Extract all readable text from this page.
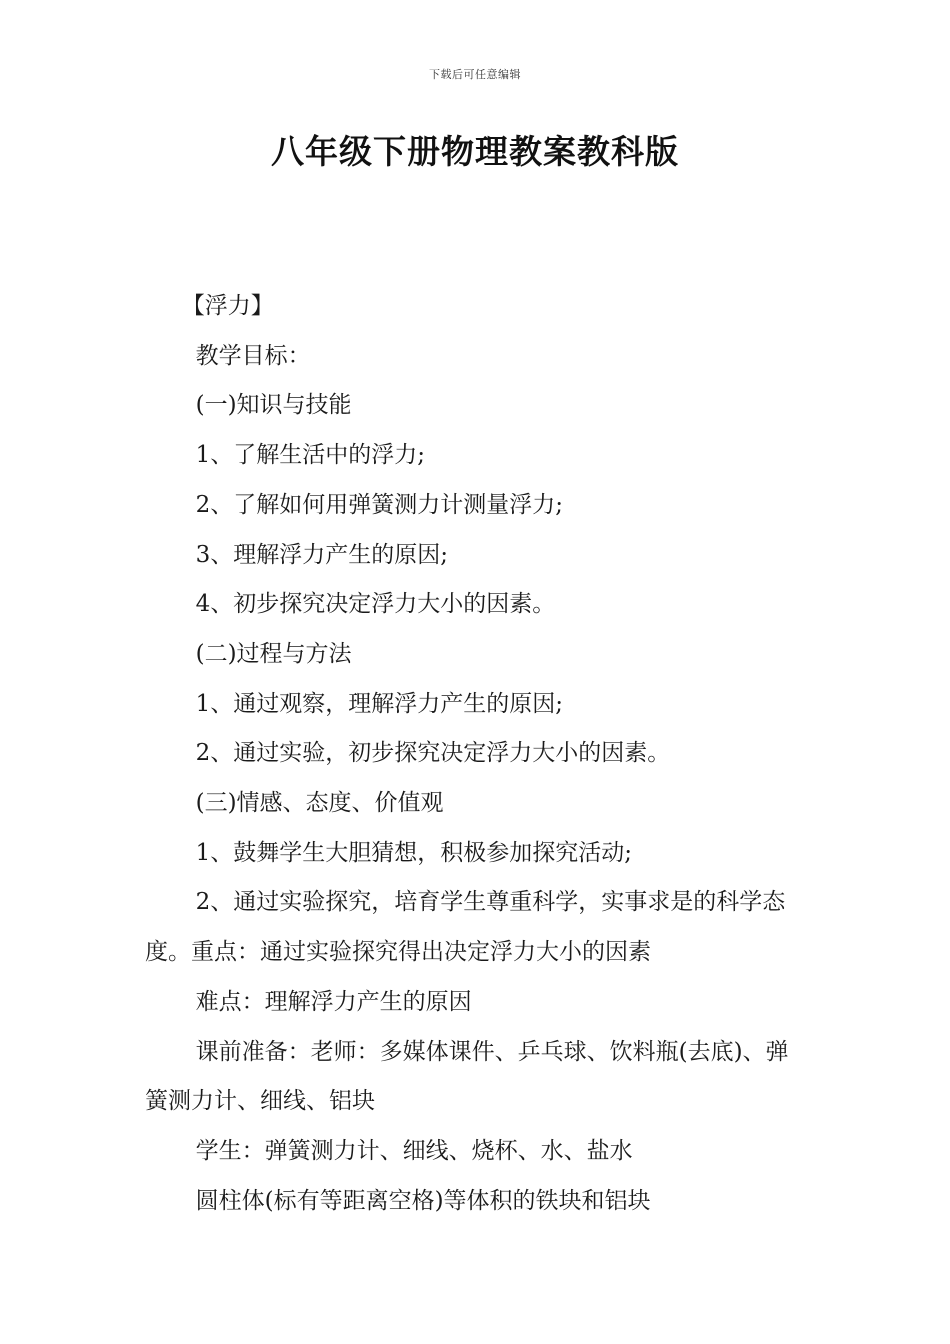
下载后可任意编辑
八年级下册物理教案教科版

【浮力】

教学目标：

(一)知识与技能

1、了解生活中的浮力;

2、了解如何用弹簧测力计测量浮力;

3、理解浮力产生的原因;

4、初步探究决定浮力大小的因素。

(二)过程与方法

1、通过观察，理解浮力产生的原因;

2、通过实验，初步探究决定浮力大小的因素。

(三)情感、态度、价值观

1、鼓舞学生大胆猜想，积极参加探究活动;

2、通过实验探究，培育学生尊重科学，实事求是的科学态度。重点：通过实验探究得出决定浮力大小的因素

难点：理解浮力产生的原因

课前准备：老师：多媒体课件、乒乓球、饮料瓶(去底)、弹簧测力计、细线、铝块

学生：弹簧测力计、细线、烧杯、水、盐水

圆柱体(标有等距离空格)等体积的铁块和铝块
